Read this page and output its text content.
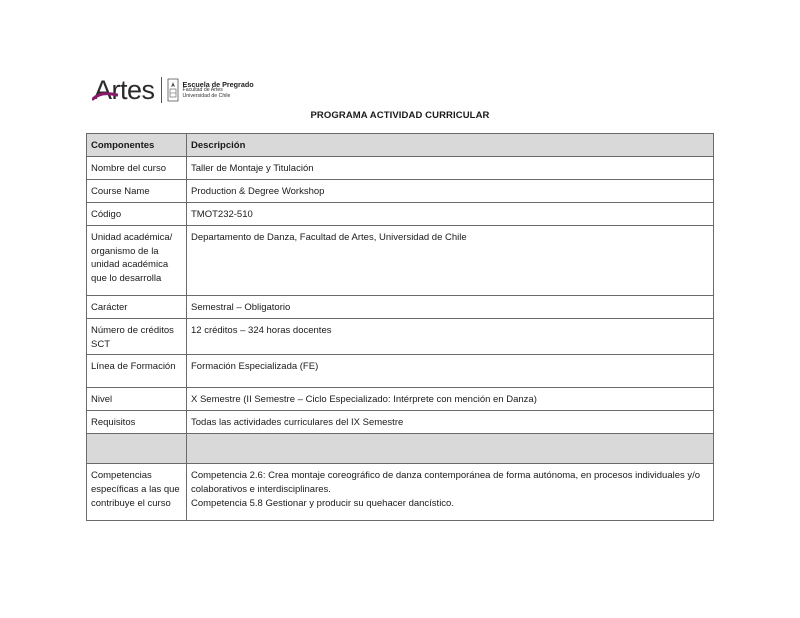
Artes	Escuela de Pregrado
Facultad de Artes
Universidad de Chile
PROGRAMA ACTIVIDAD CURRICULAR
Componentes	Descripción
Nombre del curso	Taller de Montaje y Titulación
Course Name	Production & Degree Workshop
Código	TMOT232-510
Unidad académica/ organismo de la unidad académica que lo desarrolla	Departamento de Danza, Facultad de Artes, Universidad de Chile
Carácter	Semestral – Obligatorio
Número de créditos SCT	12 créditos – 324 horas docentes
Línea de Formación	Formación Especializada (FE)
Nivel	X Semestre (II Semestre – Ciclo Especializado: Intérprete con mención en Danza)
Requisitos	Todas las actividades curriculares del IX Semestre

Competencias específicas a las que contribuye el curso	Competencia 2.6: Crea montaje coreográfico de danza contemporánea de forma autónoma, en procesos individuales y/o colaborativos e interdisciplinares.
Competencia 5.8 Gestionar y producir su quehacer dancístico.
